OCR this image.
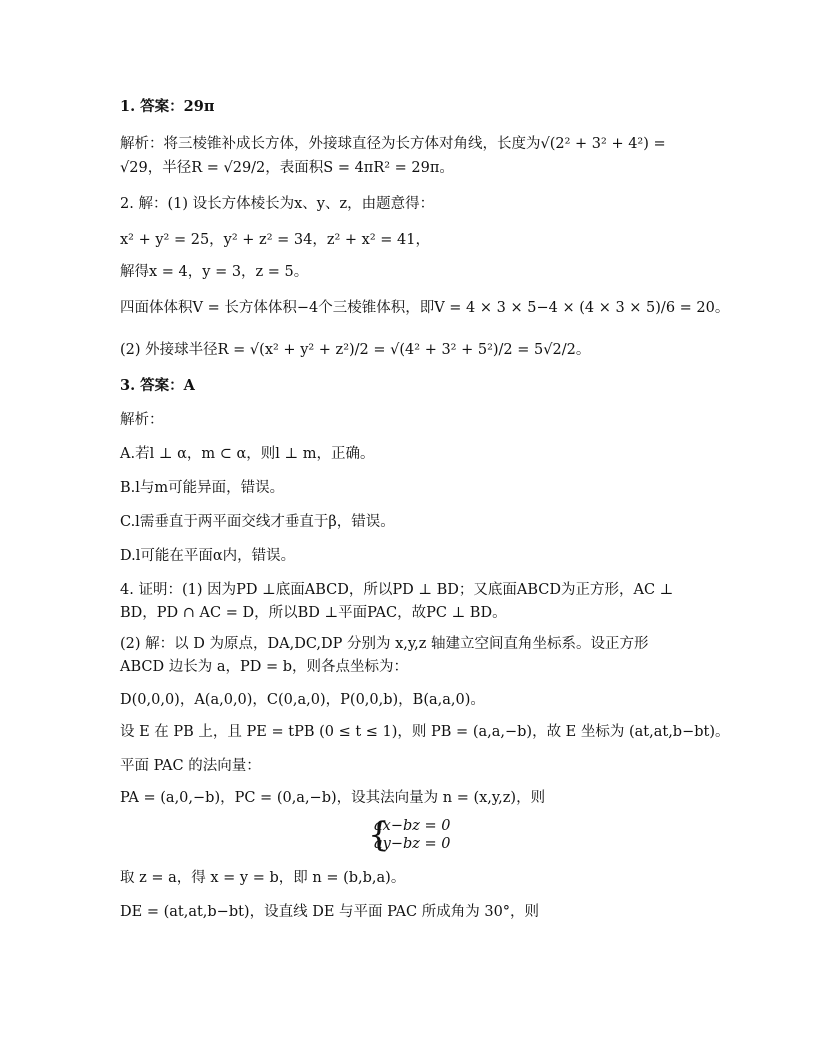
1. 答案：29π
解析：将三棱锥补成长方体，外接球直径为长方体对角线，长度为√(2² + 3² + 4²) =
√29，半径R = √29/2，表面积S = 4πR² = 29π。
2. 解：(1) 设长方体棱长为x、y、z，由题意得：
x² + y² = 25，y² + z² = 34，z² + x² = 41，
解得x = 4，y = 3，z = 5。
四面体体积V = 长方体体积−4个三棱锥体积，即V = 4 × 3 × 5−4 × (4 × 3 × 5)/6 = 20。
(2) 外接球半径R = √(x² + y² + z²)/2 = √(4² + 3² + 5²)/2 = 5√2/2。
3. 答案：A
解析：
A.若l ⊥ α，m ⊂ α，则l ⊥ m，正确。
B.l与m可能异面，错误。
C.l需垂直于两平面交线才垂直于β，错误。
D.l可能在平面α内，错误。
4. 证明：(1) 因为PD ⊥底面ABCD，所以PD ⊥ BD；又底面ABCD为正方形，AC ⊥
BD，PD ∩ AC = D，所以BD ⊥平面PAC，故PC ⊥ BD。
(2) 解：以 D 为原点，DA,DC,DP 分别为 x,y,z 轴建立空间直角坐标系。设正方形
ABCD 边长为 a，PD = b，则各点坐标为：
D(0,0,0)，A(a,0,0)，C(0,a,0)，P(0,0,b)，B(a,a,0)。
设 E 在 PB 上，且 PE = tPB (0 ≤ t ≤ 1)，则 PB = (a,a,−b)，故 E 坐标为 (at,at,b−bt)。
平面 PAC 的法向量：
PA = (a,0,−b)，PC = (0,a,−b)，设其法向量为 n = (x,y,z)，则
{
ax−bz = 0
ay−bz = 0
取 z = a，得 x = y = b，即 n = (b,b,a)。
DE = (at,at,b−bt)，设直线 DE 与平面 PAC 所成角为 30°，则
